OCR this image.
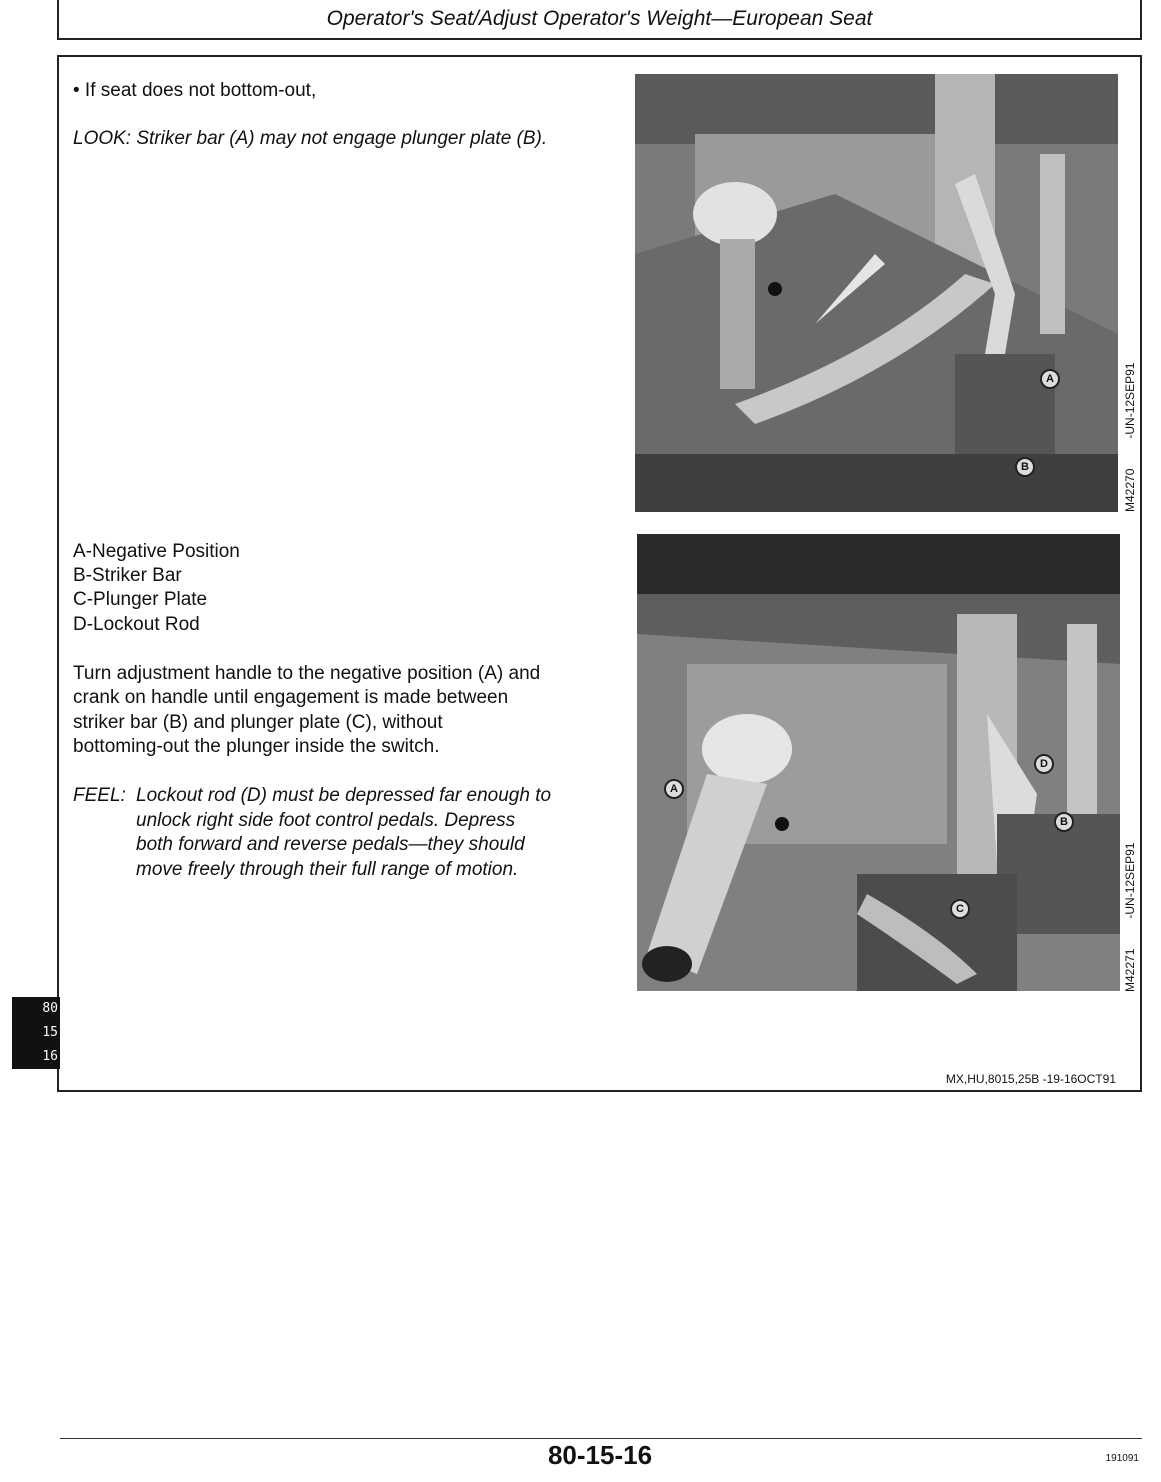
Operator's Seat/Adjust Operator's Weight—European Seat
• If seat does not bottom-out,
LOOK: Striker bar (A) may not engage plunger plate (B).
A-Negative Position
B-Striker Bar
C-Plunger Plate
D-Lockout Rod
Turn adjustment handle to the negative position (A) and
crank on handle until engagement is made between
striker bar (B) and plunger plate (C), without
bottoming-out the plunger inside the switch.
FEEL: Lockout rod (D) must be depressed far enough to
unlock right side foot control pedals. Depress
both forward and reverse pedals—they should
move freely through their full range of motion.
A
B
M42270         -UN-12SEP91
A
D
B
C
M42271         -UN-12SEP91
MX,HU,8015,25B -19-16OCT91
80
15
16
80-15-16	191091
